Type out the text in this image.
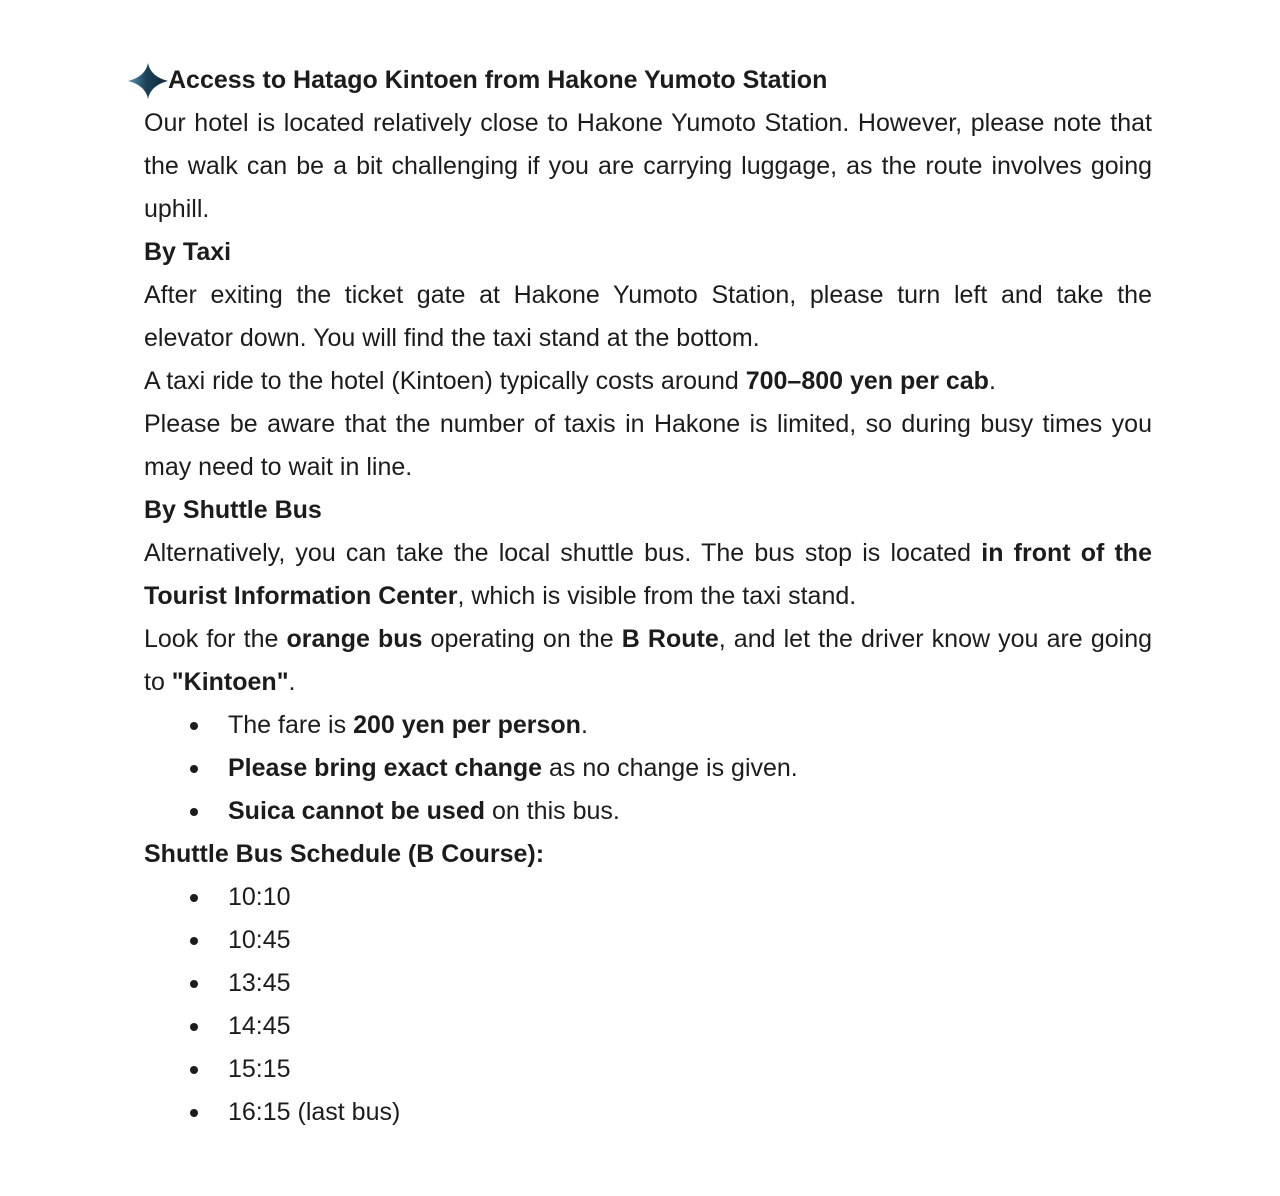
Access to Hatago Kintoen from Hakone Yumoto Station

Our hotel is located relatively close to Hakone Yumoto Station. However, please note that the walk can be a bit challenging if you are carrying luggage, as the route involves going uphill.

By Taxi

After exiting the ticket gate at Hakone Yumoto Station, please turn left and take the elevator down. You will find the taxi stand at the bottom.

A taxi ride to the hotel (Kintoen) typically costs around 700–800 yen per cab.

Please be aware that the number of taxis in Hakone is limited, so during busy times you may need to wait in line.

By Shuttle Bus

Alternatively, you can take the local shuttle bus. The bus stop is located in front of the Tourist Information Center, which is visible from the taxi stand.

Look for the orange bus operating on the B Route, and let the driver know you are going to "Kintoen".

The fare is 200 yen per person.
Please bring exact change as no change is given.
Suica cannot be used on this bus.
Shuttle Bus Schedule (B Course):
10:10
10:45
13:45
14:45
15:15
16:15 (last bus)
